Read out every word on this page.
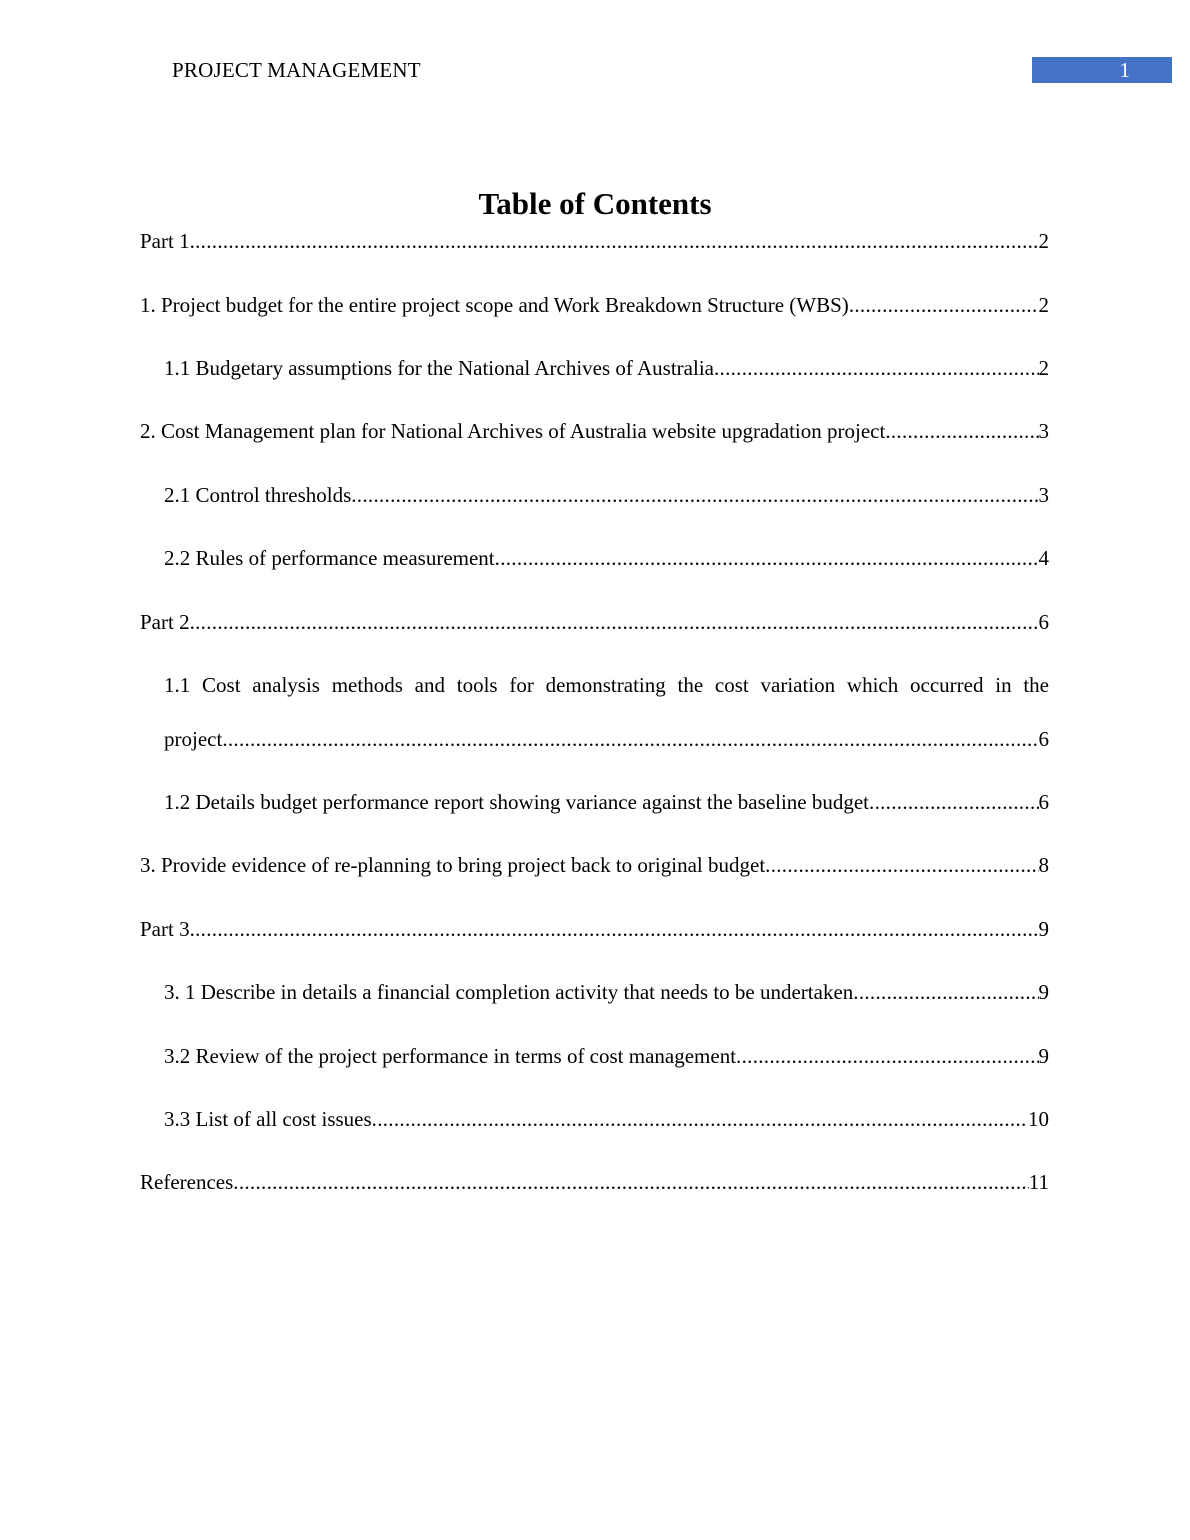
PROJECT MANAGEMENT	1
Table of Contents
Part 1 .....	2
1. Project budget for the entire project scope and Work Breakdown Structure (WBS) .....	2
1.1 Budgetary assumptions for the National Archives of Australia .....	2
2. Cost Management plan for National Archives of Australia website upgradation project .....	3
2.1 Control thresholds .....	3
2.2 Rules of performance measurement .....	4
Part 2 .....	6
1.1 Cost analysis methods and tools for demonstrating the cost variation which occurred in the
project .....	6
1.2 Details budget performance report showing variance against the baseline budget .....	6
3. Provide evidence of re-planning to bring project back to original budget .....	8
Part 3 .....	9
3. 1 Describe in details a financial completion activity that needs to be undertaken .....	9
3.2 Review of the project performance in terms of cost management .....	9
3.3 List of all cost issues .....	10
References .....	11
